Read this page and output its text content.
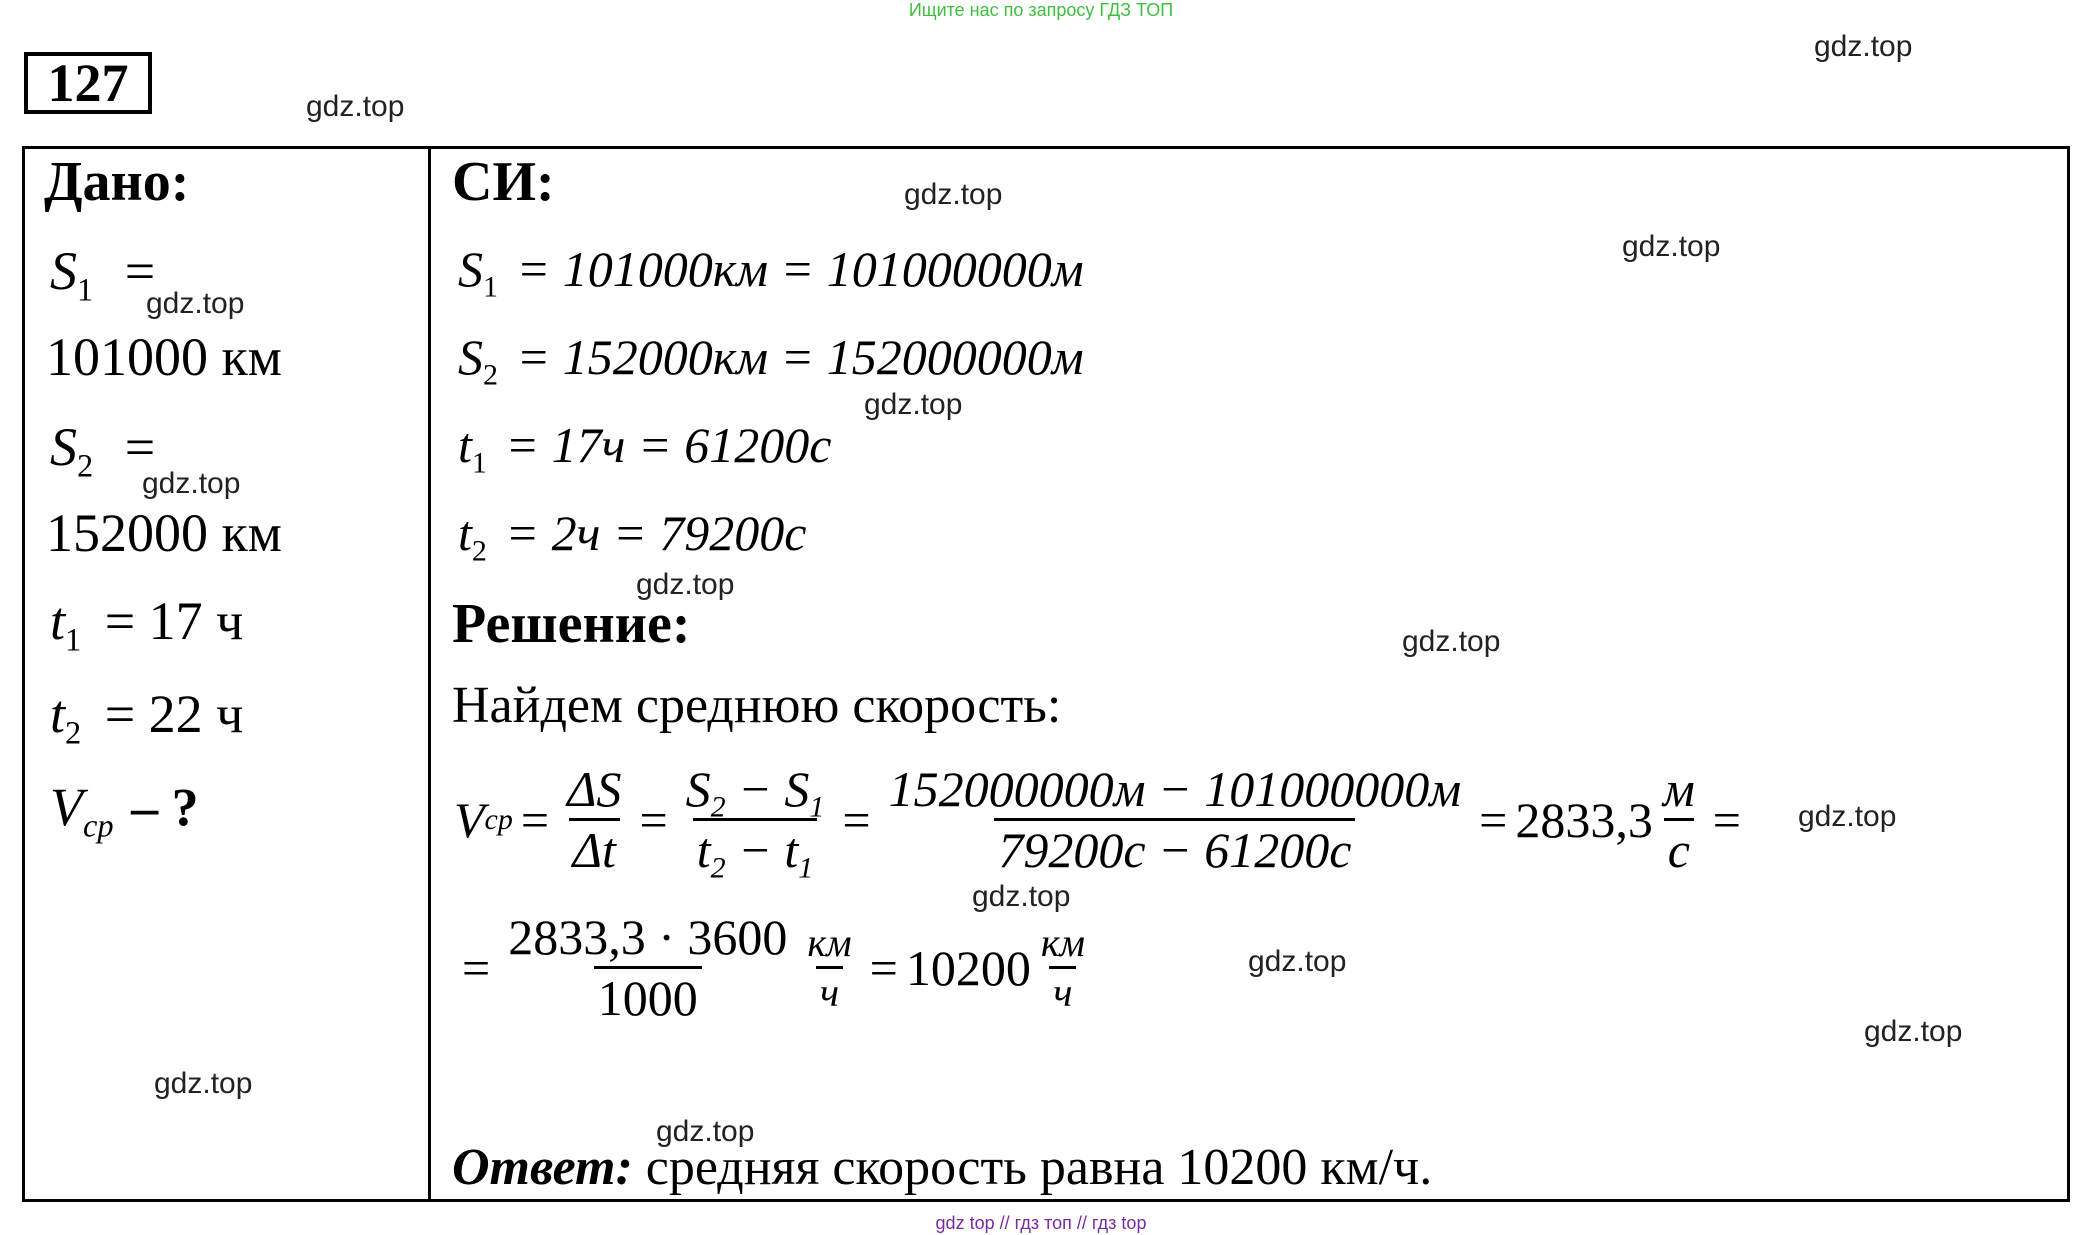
Ищите нас по запросу ГДЗ ТОП
127	gdz.top
gdz.top
gdz.top
gdz.top
gdz.top
gdz.top
gdz.top
gdz.top
gdz.top
gdz.top
gdz.top
gdz.top
gdz.top
gdz.top
gdz.top
Дано:
$S_1$ =
101000 км
$S_2$ =
152000 км
$t_1 = 17$ ч
$t_2 = 22$ ч
$V_{ср}$ – ?
СИ:
$S_1 = 101000км = 101000000м$
$S_2 = 152000км = 152000000м$
$t_1 = 17ч = 61200с$
$t_2 = 2ч = 79200с$
Решение:
Найдем среднюю скорость:
V ср = $\frac{\Delta S}{\Delta t} = \frac{S_2 - S_1}{t_2 - t_1} = \frac{152000000м - 101000000м}{79200с - 61200с} = 2833,3 \frac{м}{с}$ =
= $\frac{2833,3 \cdot 3600}{1000} \frac{км}{ч} = 10200 \frac{км}{ч}$
Ответ: средняя скорость равна 10200 км/ч.
gdz top // гдз топ // гдз top
